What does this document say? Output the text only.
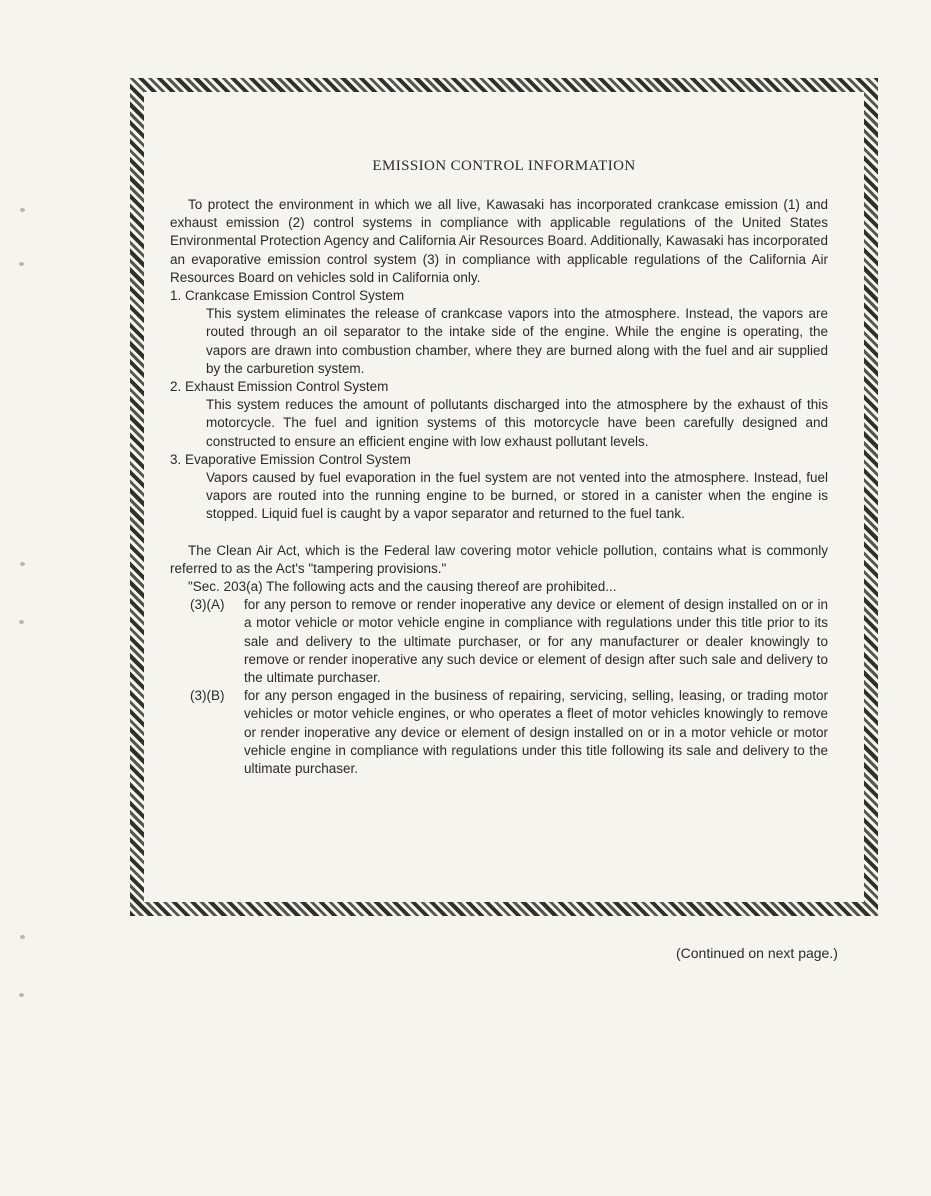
EMISSION CONTROL INFORMATION

To protect the environment in which we all live, Kawasaki has incorporated crankcase emission (1) and exhaust emission (2) control systems in compliance with applicable regulations of the United States Environmental Protection Agency and California Air Resources Board. Additionally, Kawasaki has incorporated an evaporative emission control system (3) in compliance with applicable regulations of the California Air Resources Board on vehicles sold in California only.

1. Crankcase Emission Control System

This system eliminates the release of crankcase vapors into the atmosphere. Instead, the vapors are routed through an oil separator to the intake side of the engine. While the engine is operating, the vapors are drawn into combustion chamber, where they are burned along with the fuel and air supplied by the carburetion system.

2. Exhaust Emission Control System

This system reduces the amount of pollutants discharged into the atmosphere by the exhaust of this motorcycle. The fuel and ignition systems of this motorcycle have been carefully designed and constructed to ensure an efficient engine with low exhaust pollutant levels.

3. Evaporative Emission Control System

Vapors caused by fuel evaporation in the fuel system are not vented into the atmosphere. Instead, fuel vapors are routed into the running engine to be burned, or stored in a canister when the engine is stopped. Liquid fuel is caught by a vapor separator and returned to the fuel tank.

The Clean Air Act, which is the Federal law covering motor vehicle pollution, contains what is commonly referred to as the Act's "tampering provisions."

"Sec. 203(a) The following acts and the causing thereof are prohibited...

(3)(A)	for any person to remove or render inoperative any device or element of design installed on or in a motor vehicle or motor vehicle engine in compliance with regulations under this title prior to its sale and delivery to the ultimate purchaser, or for any manufacturer or dealer knowingly to remove or render inoperative any such device or element of design after such sale and delivery to the ultimate purchaser.
(3)(B)	for any person engaged in the business of repairing, servicing, selling, leasing, or trading motor vehicles or motor vehicle engines, or who operates a fleet of motor vehicles knowingly to remove or render inoperative any device or element of design installed on or in a motor vehicle or motor vehicle engine in compliance with regulations under this title following its sale and delivery to the ultimate purchaser.
(Continued on next page.)
